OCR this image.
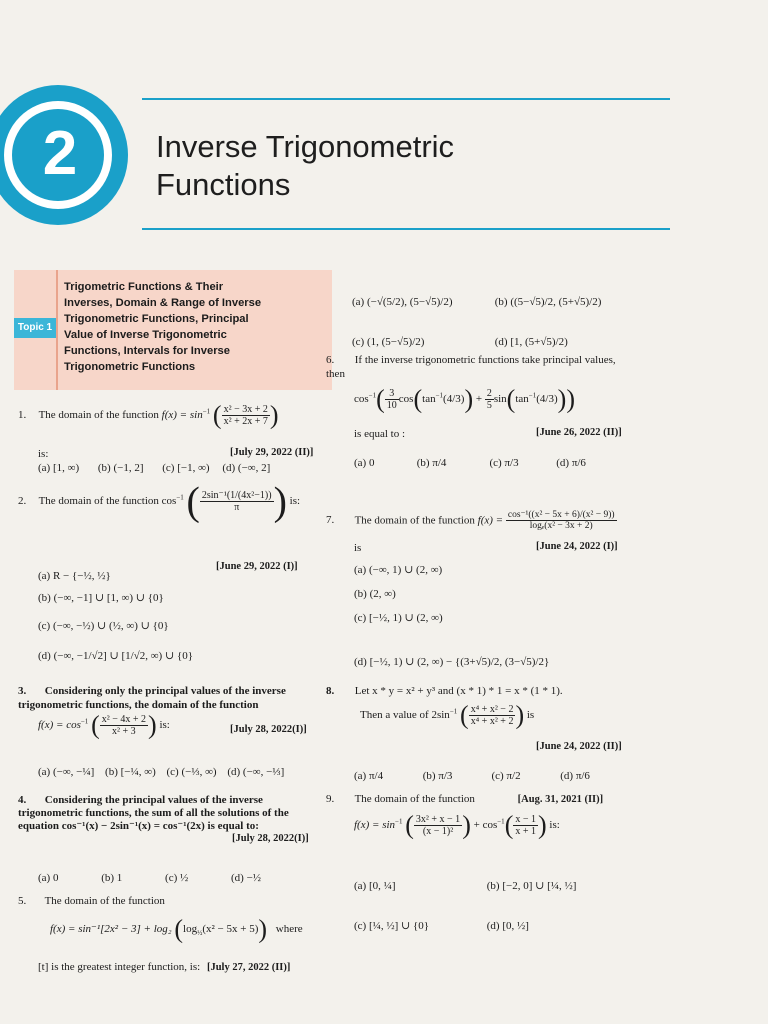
2	Inverse Trigonometric
Functions
Topic 1
Trigometric Functions & Their
Inverses, Domain & Range of Inverse
Trigonometric Functions, Principal
Value of Inverse Trigonometric
Functions, Intervals for Inverse
Trigonometric Functions
1. The domain of the function $f(x) = \sin^{-1}$ ( $\frac{\text{x² − 3x + 2}}{\text{x² + 2x + 7}}$ )
is:	[July 29, 2022 (II)]
(a) [1, ∞) (b) (−1, 2] (c) [−1, ∞) (d) (−∞, 2]
2. The domain of the function $\cos^{-1}$ ( $\frac{\text{2sin⁻¹(1/(4x²−1))}}{\pi}$ ) is:
[June 29, 2022 (I)]
(a) R − {−½, ½}
(b) (−∞, −1] ∪ [1, ∞) ∪ {0}
(c) (−∞, −½) ∪ (½, ∞) ∪ {0}
(d) (−∞, −1/√2] ∪ [1/√2, ∞) ∪ {0}
3. Considering only the principal values of the inverse trigonometric functions, the domain of the function
$f(x) = \cos^{-1}$ ( $\frac{\text{x² − 4x + 2}}{\text{x² + 3}}$ ) is:	[July 28, 2022(I)]
(a) (−∞, −¼] (b) [−¼, ∞) (c) (−⅓, ∞) (d) (−∞, −⅓]
4. Considering the principal values of the inverse trigonometric functions, the sum of all the solutions of the equation cos⁻¹(x) − 2sin⁻¹(x) = cos⁻¹(2x) is equal to:
[July 28, 2022(I)]
(a) 0	(b) 1	(c) ½	(d) −½
5. The domain of the function
f(x) = sin⁻¹[2x² − 3] + log₂ $(\log_{\frac{1}{2}}(x^2 - 5x + 5))$ where
[t] is the greatest integer function, is: [July 27, 2022 (II)]
(a) (−√(5/2), (5−√5)/2)	(b) ((5−√5)/2, (5+√5)/2)
(c) (1, (5−√5)/2)	(d) [1, (5+√5)/2)
6. If the inverse trigonometric functions take principal values, then
$\cos^{-1}( \frac{3}{10} \cos(\tan^{-1}(4/3)) + \frac{2}{5} \sin(\tan^{-1}(4/3)))$
is equal to :	[June 26, 2022 (II)]
(a) 0	(b) π/4	(c) π/3	(d) π/6
7. The domain of the function $f(x) = \frac{\text{cos⁻¹((x² − 5x + 6)/(x² − 9))}}{\text{logₑ(x² − 3x + 2)}}$
is	[June 24, 2022 (I)]
(a) (−∞, 1) ∪ (2, ∞)
(b) (2, ∞)
(c) [−½, 1) ∪ (2, ∞)
(d) [−½, 1) ∪ (2, ∞) − {(3+√5)/2, (3−√5)/2}
8. Let x * y = x² + y³ and (x * 1) * 1 = x * (1 * 1).
Then a value of $2\sin^{-1}$ ( $\frac{\text{x⁴ + x² − 2}}{\text{x⁴ + x² + 2}}$ ) is
[June 24, 2022 (II)]
(a) π/4	(b) π/3	(c) π/2	(d) π/6
9. The domain of the function	[Aug. 31, 2021 (II)]
$f(x) = \sin^{-1}$ ( $\frac{\text{3x² + x − 1}}{\text{(x − 1)²}}$ ) + $\cos^{-1}( \frac{x - 1}{x + 1}$ ) is:
(a) [0, ¼]	(b) [−2, 0] ∪ [¼, ½]
(c) [¼, ½] ∪ {0}	(d) [0, ½]
